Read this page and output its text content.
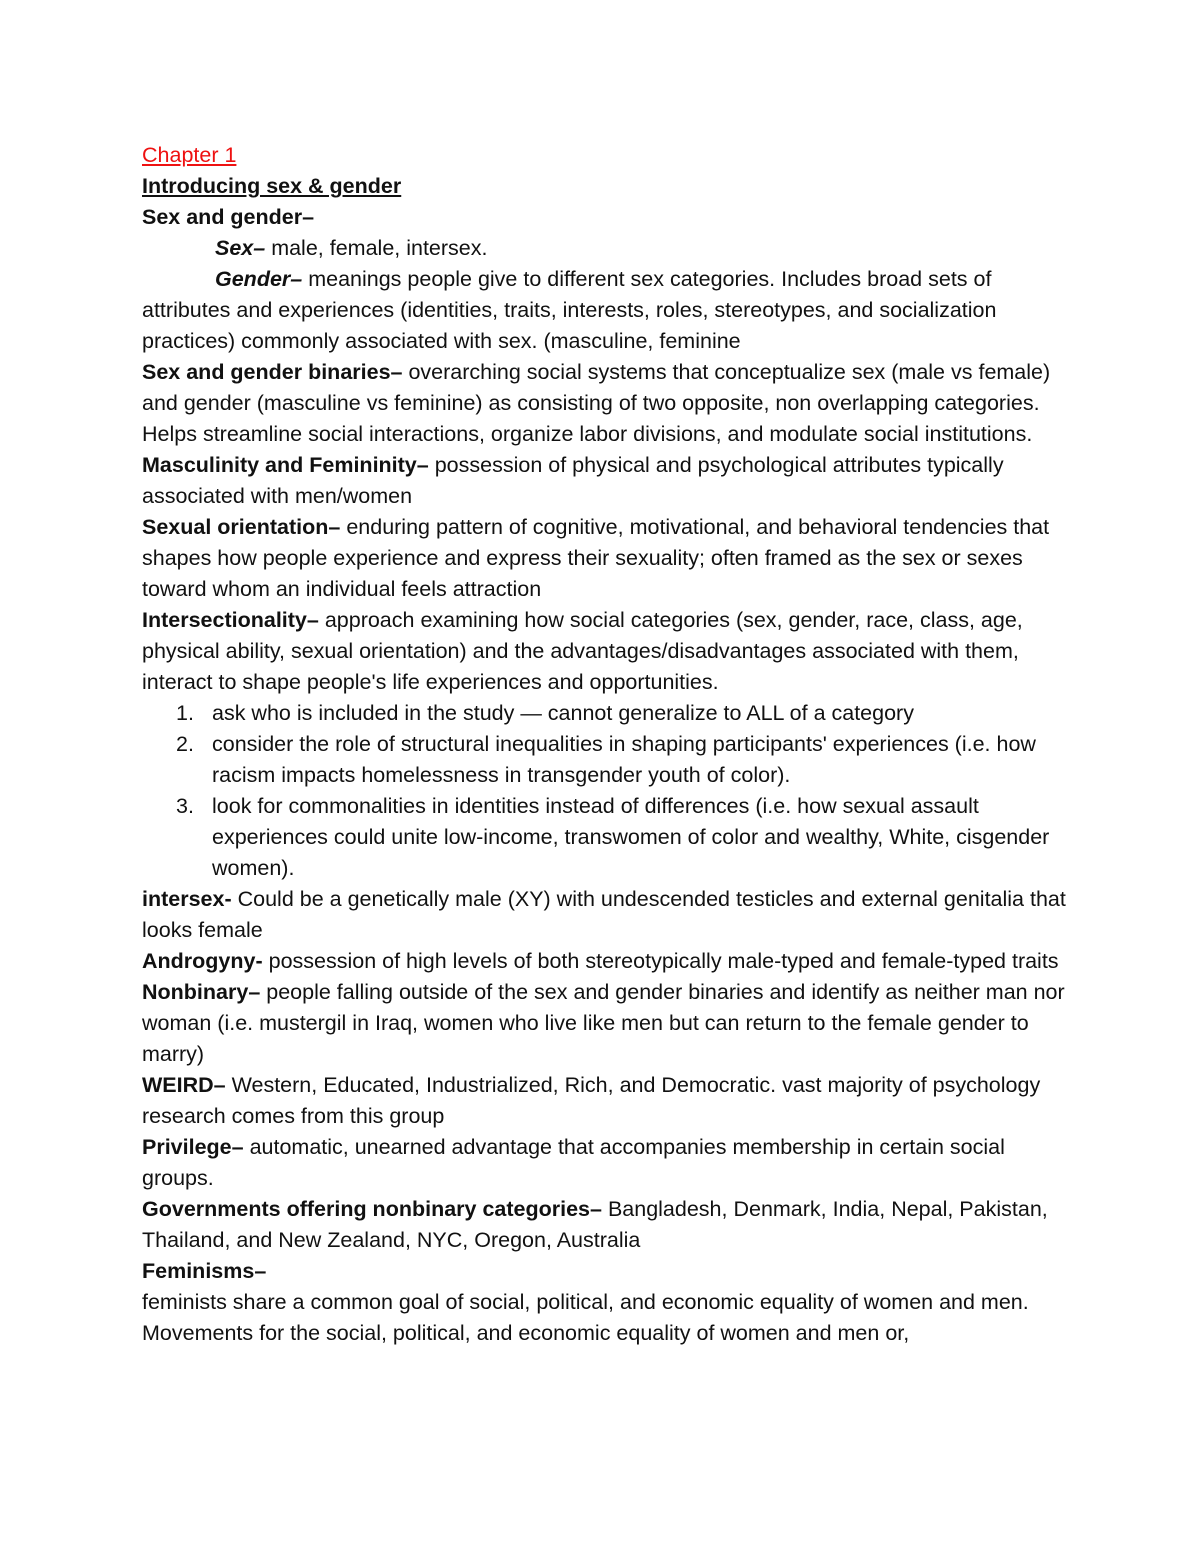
Chapter 1

Introducing sex & gender

Sex and gender–

Sex– male, female, intersex.

Gender– meanings people give to different sex categories. Includes broad sets of attributes and experiences (identities, traits, interests, roles, stereotypes, and socialization practices) commonly associated with sex. (masculine, feminine

Sex and gender binaries– overarching social systems that conceptualize sex (male vs female) and gender (masculine vs feminine) as consisting of two opposite, non overlapping categories. Helps streamline social interactions, organize labor divisions, and modulate social institutions.

Masculinity and Femininity– possession of physical and psychological attributes typically associated with men/women

Sexual orientation– enduring pattern of cognitive, motivational, and behavioral tendencies that shapes how people experience and express their sexuality; often framed as the sex or sexes toward whom an individual feels attraction

Intersectionality– approach examining how social categories (sex, gender, race, class, age, physical ability, sexual orientation) and the advantages/disadvantages associated with them, interact to shape people's life experiences and opportunities.

1. ask who is included in the study — cannot generalize to ALL of a category
2. consider the role of structural inequalities in shaping participants' experiences (i.e. how racism impacts homelessness in transgender youth of color).
3. look for commonalities in identities instead of differences (i.e. how sexual assault experiences could unite low-income, transwomen of color and wealthy, White, cisgender women).

intersex- Could be a genetically male (XY) with undescended testicles and external genitalia that looks female

Androgyny- possession of high levels of both stereotypically male-typed and female-typed traits

Nonbinary– people falling outside of the sex and gender binaries and identify as neither man nor woman (i.e. mustergil in Iraq, women who live like men but can return to the female gender to marry)

WEIRD– Western, Educated, Industrialized, Rich, and Democratic. vast majority of psychology research comes from this group

Privilege– automatic, unearned advantage that accompanies membership in certain social groups.

Governments offering nonbinary categories– Bangladesh, Denmark, India, Nepal, Pakistan, Thailand, and New Zealand, NYC, Oregon, Australia

Feminisms–

feminists share a common goal of social, political, and economic equality of women and men. Movements for the social, political, and economic equality of women and men or,
